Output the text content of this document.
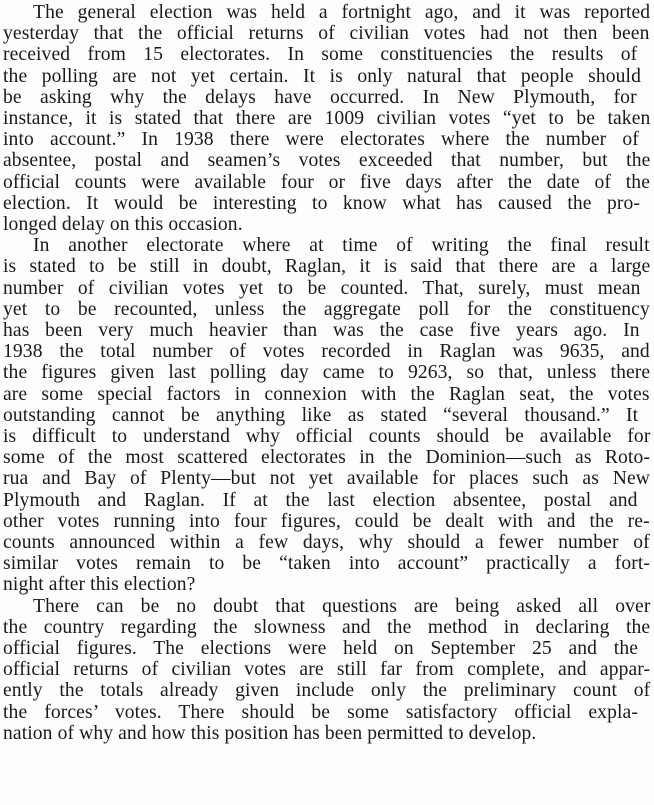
The general election was held a fortnight ago, and it was reported
yesterday that the official returns of civilian votes had not then been
received from 15 electorates. In some constituencies the results of
the polling are not yet certain. It is only natural that people should
be asking why the delays have occurred. In New Plymouth, for
instance, it is stated that there are 1009 civilian votes “yet to be taken
into account.” In 1938 there were electorates where the number of
absentee, postal and seamen’s votes exceeded that number, but the
official counts were available four or five days after the date of the
election. It would be interesting to know what has caused the pro-
longed delay on this occasion.
In another electorate where at time of writing the final result
is stated to be still in doubt, Raglan, it is said that there are a large
number of civilian votes yet to be counted. That, surely, must mean
yet to be recounted, unless the aggregate poll for the constituency
has been very much heavier than was the case five years ago. In
1938 the total number of votes recorded in Raglan was 9635, and
the figures given last polling day came to 9263, so that, unless there
are some special factors in connexion with the Raglan seat, the votes
outstanding cannot be anything like as stated “several thousand.” It
is difficult to understand why official counts should be available for
some of the most scattered electorates in the Dominion—such as Roto-
rua and Bay of Plenty—but not yet available for places such as New
Plymouth and Raglan. If at the last election absentee, postal and
other votes running into four figures, could be dealt with and the re-
counts announced within a few days, why should a fewer number of
similar votes remain to be “taken into account” practically a fort-
night after this election?
There can be no doubt that questions are being asked all over
the country regarding the slowness and the method in declaring the
official figures. The elections were held on September 25 and the
official returns of civilian votes are still far from complete, and appar-
ently the totals already given include only the preliminary count of
the forces’ votes. There should be some satisfactory official expla-
nation of why and how this position has been permitted to develop.
